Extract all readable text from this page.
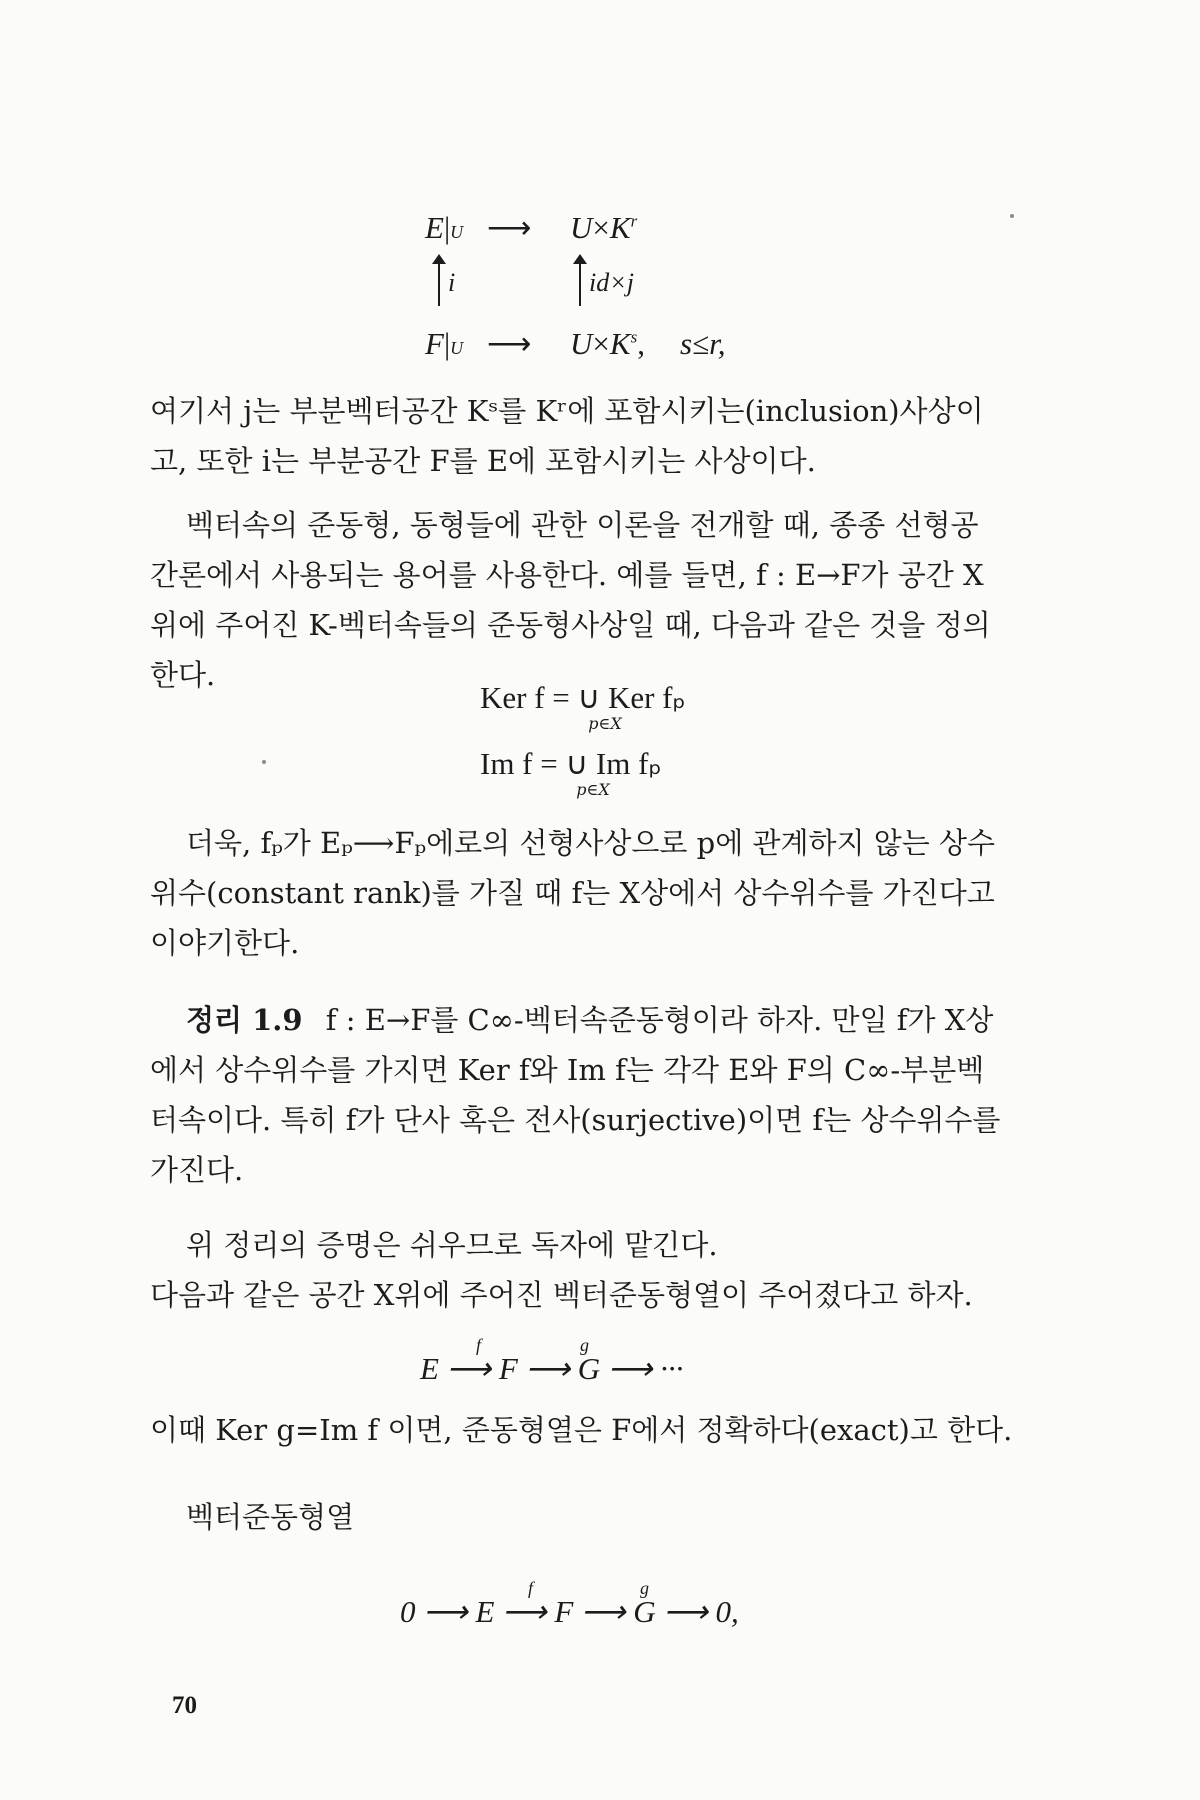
E|U ⟶ $U\times K^r$
i	id×j
F|U ⟶ $U\times K^s$, s≤r,
여기서 j는 부분벡터공간 Kˢ를 Kʳ에 포함시키는(inclusion)사상이
고, 또한 i는 부분공간 F를 E에 포함시키는 사상이다.
벡터속의 준동형, 동형들에 관한 이론을 전개할 때, 종종 선형공
간론에서 사용되는 용어를 사용한다. 예를 들면, f : E→F가 공간 X
위에 주어진 K-벡터속들의 준동형사상일 때, 다음과 같은 것을 정의
한다.
Ker f = ∪ Ker fₚ
p∈X
Im f = ∪ Im fₚ
p∈X
더욱, fₚ가 Eₚ⟶Fₚ에로의 선형사상으로 p에 관계하지 않는 상수
위수(constant rank)를 가질 때 f는 X상에서 상수위수를 가진다고
이야기한다.
정리 1.9 f : E→F를 C∞-벡터속준동형이라 하자. 만일 f가 X상
에서 상수위수를 가지면 Ker f와 Im f는 각각 E와 F의 C∞-부분벡
터속이다. 특히 f가 단사 혹은 전사(surjective)이면 f는 상수위수를
가진다.
위 정리의 증명은 쉬우므로 독자에 맡긴다.
다음과 같은 공간 X위에 주어진 벡터준동형열이 주어졌다고 하자.
f	g
E ⟶ F ⟶ G ⟶ ···
이때 Ker g=Im f 이면, 준동형열은 F에서 정확하다(exact)고 한다.
벡터준동형열
f	g
0 ⟶ E ⟶ F ⟶ G ⟶ 0,
70
